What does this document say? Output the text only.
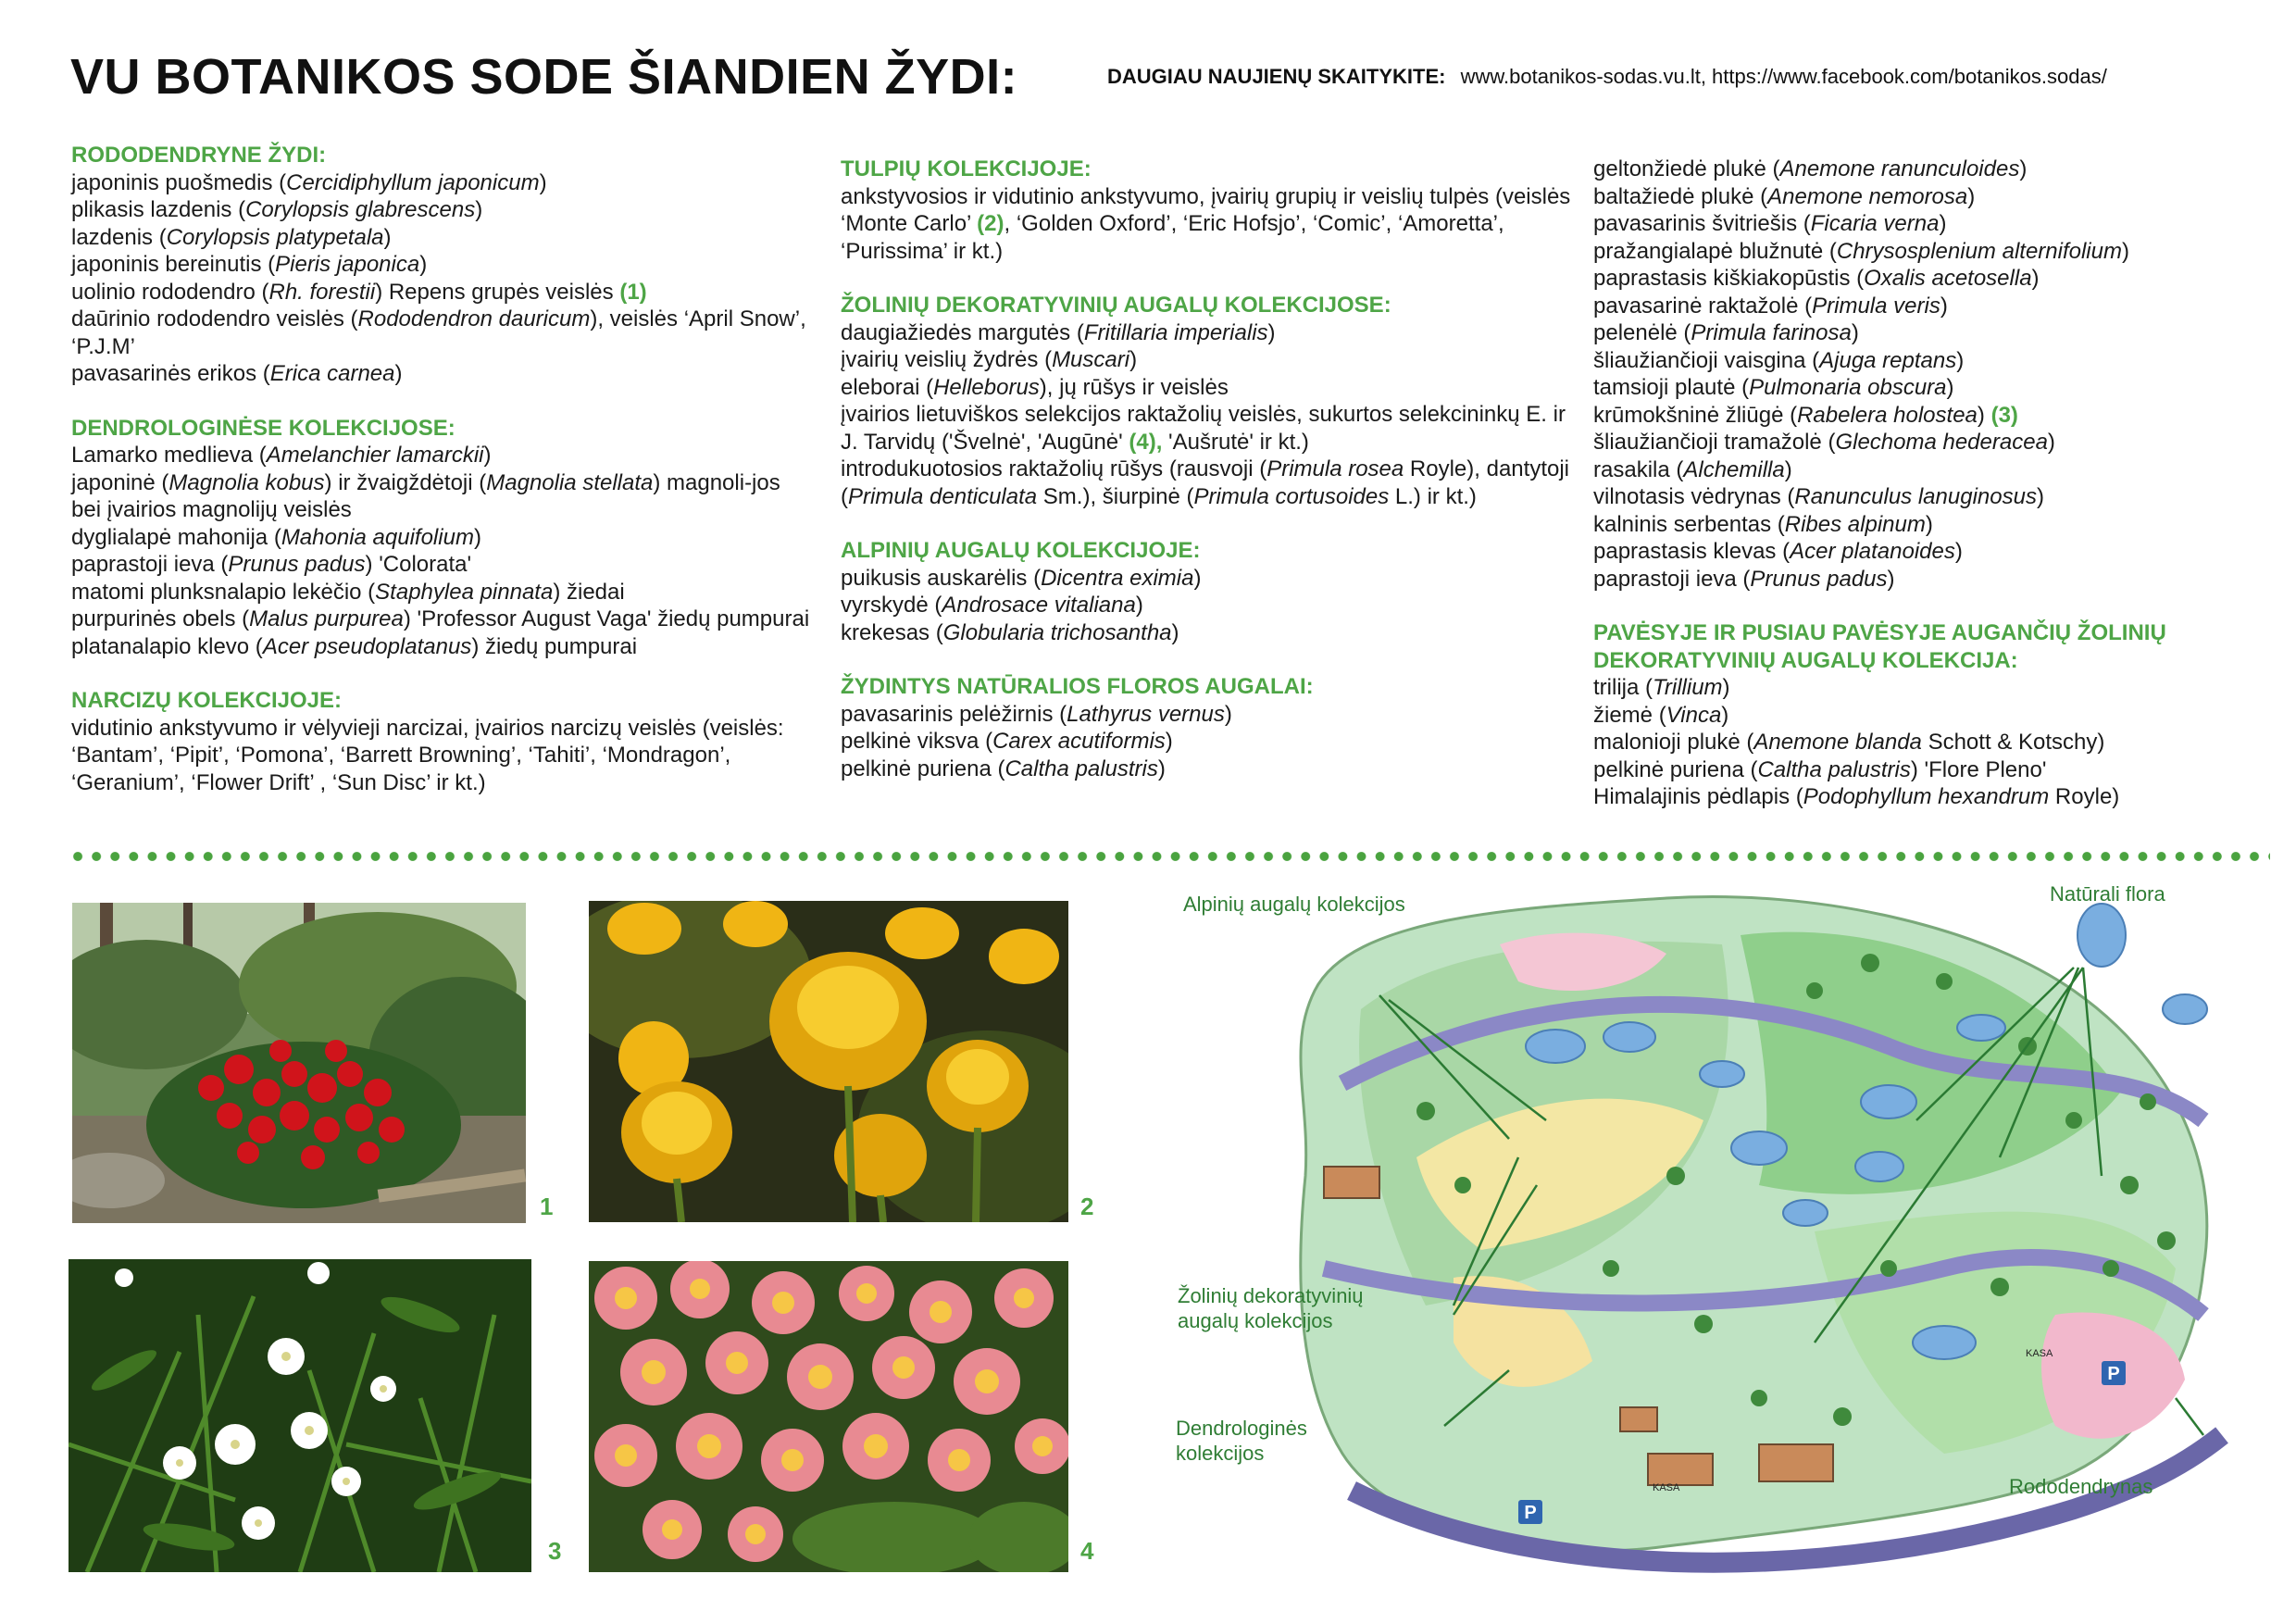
VU BOTANIKOS SODE ŠIANDIEN ŽYDI:	DAUGIAU NAUJIENŲ SKAITYKITE: www.botanikos-sodas.vu.lt, https://www.facebook.com/botanikos.sodas/

RODODENDRYNE ŽYDI:

japoninis puošmedis (Cercidiphyllum japonicum)

plikasis lazdenis (Corylopsis glabrescens)

lazdenis (Corylopsis platypetala)

japoninis bereinutis (Pieris japonica)

uolinio rododendro (Rh. forestii) Repens grupės veislės (1)

daūrinio rododendro veislės (Rododendron dauricum), veislės ‘April Snow’, ‘P.J.M’

pavasarinės erikos (Erica carnea)

DENDROLOGINĖSE KOLEKCIJOSE:

Lamarko medlieva (Amelanchier lamarckii)

japoninė (Magnolia kobus) ir žvaigždėtoji (Magnolia stellata) magnoli-jos bei įvairios magnolijų veislės

dyglialapė mahonija (Mahonia aquifolium)

paprastoji ieva (Prunus padus) 'Colorata'

matomi plunksnalapio lekėčio (Staphylea pinnata) žiedai

purpurinės obels (Malus purpurea) 'Professor August Vaga' žiedų pumpurai

platanalapio klevo (Acer pseudoplatanus) žiedų pumpurai

NARCIZŲ KOLEKCIJOJE:

vidutinio ankstyvumo ir vėlyvieji narcizai, įvairios narcizų veislės (veislės: ‘Bantam’, ‘Pipit’, ‘Pomona’, ‘Barrett Browning’, ‘Tahiti’, ‘Mondragon’, ‘Geranium’, ‘Flower Drift’ , ‘Sun Disc’ ir kt.)

TULPIŲ KOLEKCIJOJE:

ankstyvosios ir vidutinio ankstyvumo, įvairių grupių ir veislių tulpės (veislės ‘Monte Carlo’ (2), ‘Golden Oxford’, ‘Eric Hofsjo’, ‘Comic’, ‘Amoretta’, ‘Purissima’ ir kt.)

ŽOLINIŲ DEKORATYVINIŲ AUGALŲ KOLEKCIJOSE:

daugiažiedės margutės (Fritillaria imperialis)

įvairių veislių žydrės (Muscari)

eleborai (Helleborus), jų rūšys ir veislės

įvairios lietuviškos selekcijos raktažolių veislės, sukurtos selekcininkų E. ir J. Tarvidų ('Švelnė', 'Augūnė' (4), 'Aušrutė' ir kt.)

introdukuotosios raktažolių rūšys (rausvoji (Primula rosea Royle), dantytoji (Primula denticulata Sm.), šiurpinė (Primula cortusoides L.) ir kt.)

ALPINIŲ AUGALŲ KOLEKCIJOJE:

puikusis auskarėlis (Dicentra eximia)

vyrskydė (Androsace vitaliana)

krekesas (Globularia trichosantha)

ŽYDINTYS NATŪRALIOS FLOROS AUGALAI:

pavasarinis pelėžirnis (Lathyrus vernus)

pelkinė viksva (Carex acutiformis)

pelkinė puriena (Caltha palustris)

geltonžiedė plukė (Anemone ranunculoides)

baltažiedė plukė (Anemone nemorosa)

pavasarinis švitriešis (Ficaria verna)

pražangialapė blužnutė (Chrysosplenium alternifolium)

paprastasis kiškiakopūstis (Oxalis acetosella)

pavasarinė raktažolė (Primula veris)

pelenėlė (Primula farinosa)

šliaužiančioji vaisgina (Ajuga reptans)

tamsioji plautė (Pulmonaria obscura)

krūmokšninė žliūgė (Rabelera holostea) (3)

šliaužiančioji tramažolė (Glechoma hederacea)

rasakila (Alchemilla)

vilnotasis vėdrynas (Ranunculus lanuginosus)

kalninis serbentas (Ribes alpinum)

paprastasis klevas (Acer platanoides)

paprastoji ieva (Prunus padus)

PAVĖSYJE IR PUSIAU PAVĖSYJE AUGANČIŲ ŽOLINIŲ DEKORATYVINIŲ AUGALŲ KOLEKCIJA:

trilija (Trillium)

žiemė (Vinca)

malonioji plukė (Anemone blanda Schott & Kotschy)

pelkinė puriena (Caltha palustris) 'Flore Pleno'

Himalajinis pėdlapis (Podophyllum hexandrum Royle)

1	2
3	4
P
P
KASA
KASA
Alpinių augalų kolekcijos	Natūrali flora
Žolinių dekoratyvinių augalų kolekcijos
Dendrologinės kolekcijos
Rododendrynas
